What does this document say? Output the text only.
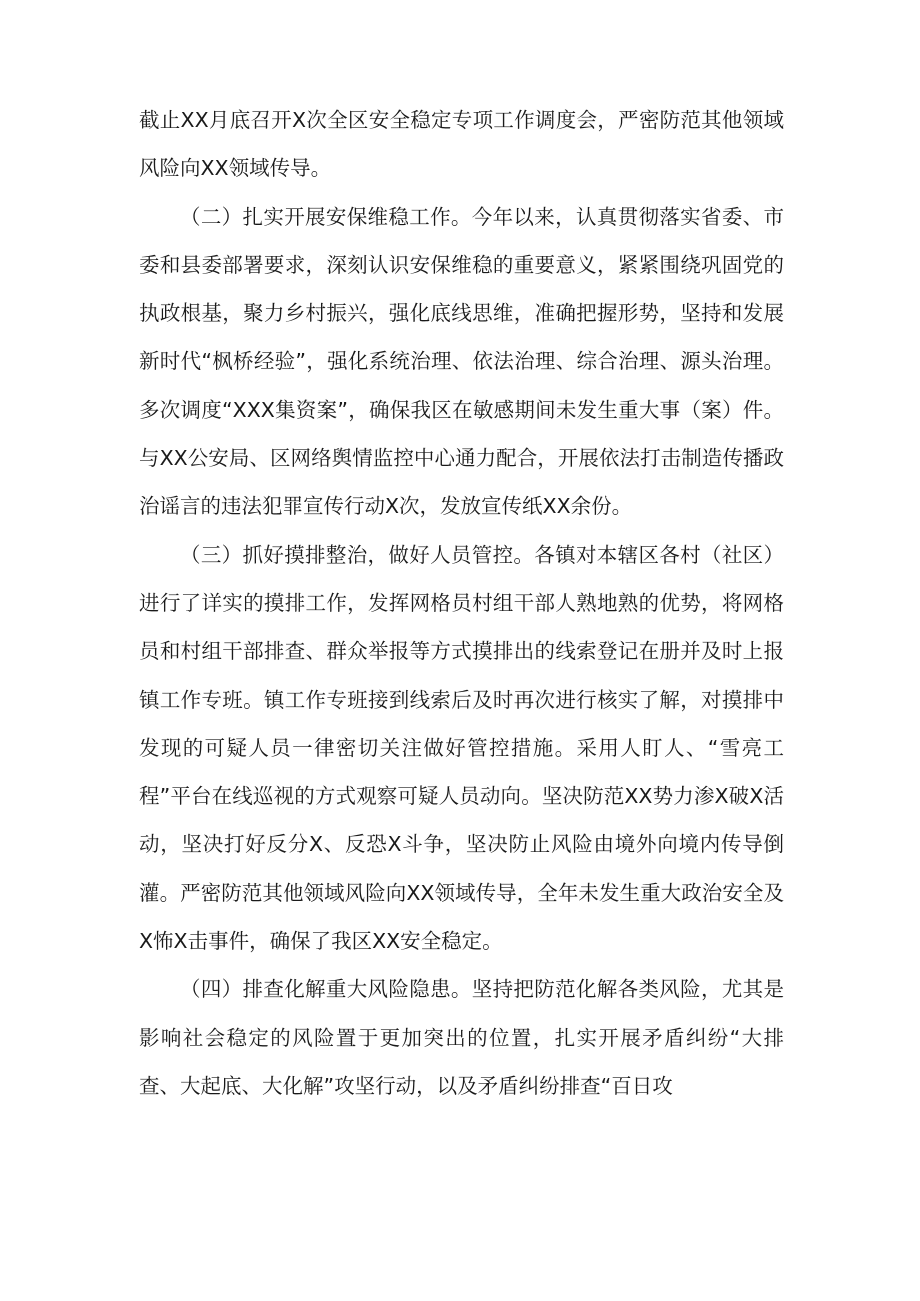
截止XX月底召开X次全区安全稳定专项工作调度会，严密防范其他领域风险向XX领域传导。

（二）扎实开展安保维稳工作。今年以来，认真贯彻落实省委、市委和县委部署要求，深刻认识安保维稳的重要意义，紧紧围绕巩固党的执政根基，聚力乡村振兴，强化底线思维，准确把握形势，坚持和发展新时代“枫桥经验”，强化系统治理、依法治理、综合治理、源头治理。多次调度“XXX集资案”，确保我区在敏感期间未发生重大事（案）件。与XX公安局、区网络舆情监控中心通力配合，开展依法打击制造传播政治谣言的违法犯罪宣传行动X次，发放宣传纸XX余份。

（三）抓好摸排整治，做好人员管控。各镇对本辖区各村（社区）进行了详实的摸排工作，发挥网格员村组干部人熟地熟的优势，将网格员和村组干部排查、群众举报等方式摸排出的线索登记在册并及时上报镇工作专班。镇工作专班接到线索后及时再次进行核实了解，对摸排中发现的可疑人员一律密切关注做好管控措施。采用人盯人、“雪亮工程”平台在线巡视的方式观察可疑人员动向。坚决防范XX势力渗X破X活动，坚决打好反分X、反恐X斗争，坚决防止风险由境外向境内传导倒灌。严密防范其他领域风险向XX领域传导，全年未发生重大政治安全及X怖X击事件，确保了我区XX安全稳定。

（四）排查化解重大风险隐患。坚持把防范化解各类风险，尤其是影响社会稳定的风险置于更加突出的位置，扎实开展矛盾纠纷“大排查、大起底、大化解”攻坚行动，以及矛盾纠纷排查“百日攻
